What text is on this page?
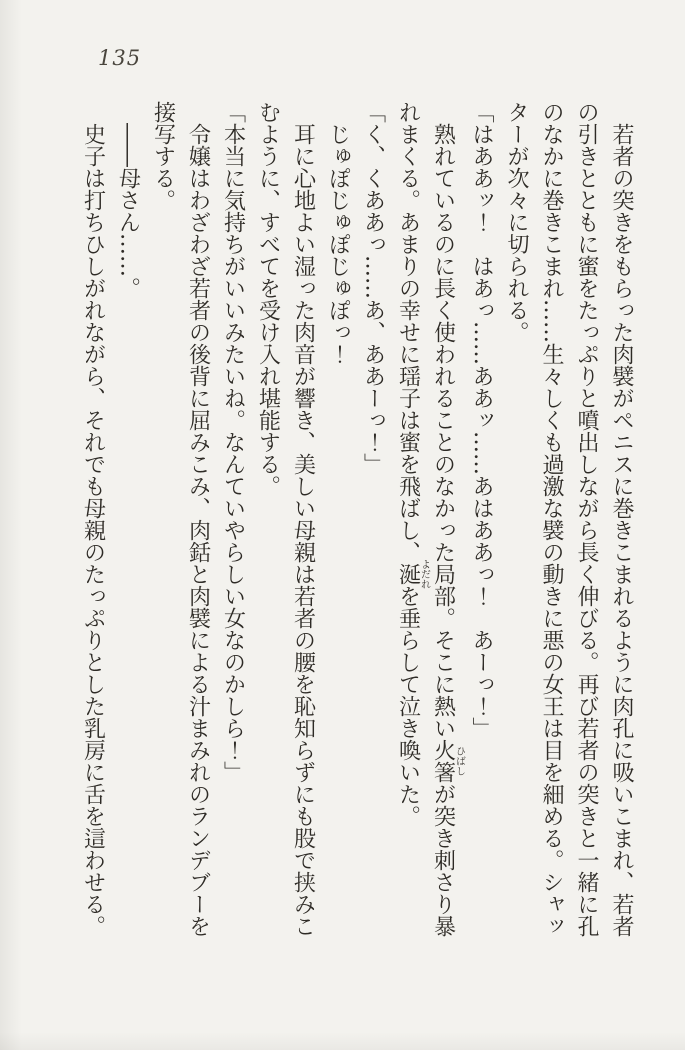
135

若者の突きをもらった肉襞がペニスに巻きこまれるように肉孔に吸いこまれ、若者の引きとともに蜜をたっぷりと噴出しながら長く伸びる。再び若者の突きと一緒に孔のなかに巻きこまれ……生々しくも過激な襞の動きに悪の女王は目を細める。シャッターが次々に切られる。

「はああッ！　はあっ……ああッ……あはああっ！　あーっ！」

熟れているのに長く使われることのなかった局部。そこに熱い火箸ひばしが突き刺さり暴れまくる。あまりの幸せに瑶子は蜜を飛ばし、涎よだれを垂らして泣き喚いた。

「く、くああっ……あ、ああーっ！」

じゅぽじゅぽじゅぽっ！

耳に心地よい湿った肉音が響き、美しい母親は若者の腰を恥知らずにも股で挟みこむように、すべてを受け入れ堪能する。

「本当に気持ちがいいみたいね。なんていやらしい女なのかしら！」

令嬢はわざわざ若者の後背に屈みこみ、肉銛と肉襞による汁まみれのランデブーを接写する。

――母さん……。

史子は打ちひしがれながら、それでも母親のたっぷりとした乳房に舌を這わせる。
